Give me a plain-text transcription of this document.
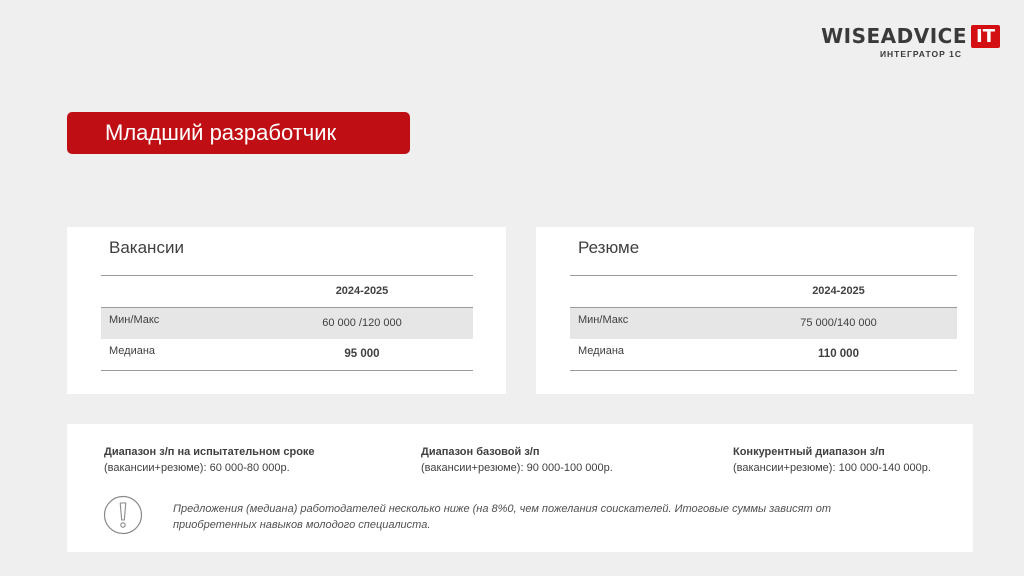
WISEADVICE IT
ИНТЕГРАТОР 1С
Младший разработчик
Вакансии
2024-2025
Мин/Макс	60 000 /120 000
Медиана	95 000
Резюме
2024-2025
Мин/Макс	75 000/140 000
Медиана	110 000
Диапазон з/п на испытательном сроке
(вакансии+резюме): 60 000-80 000р.
Диапазон базовой з/п
(вакансии+резюме): 90 000-100 000р.
Конкурентный диапазон з/п
(вакансии+резюме): 100 000-140 000р.
Предложения (медиана) работодателей несколько ниже (на 8%0, чем пожелания соискателей. Итоговые суммы зависят от
приобретенных навыков молодого специалиста.
